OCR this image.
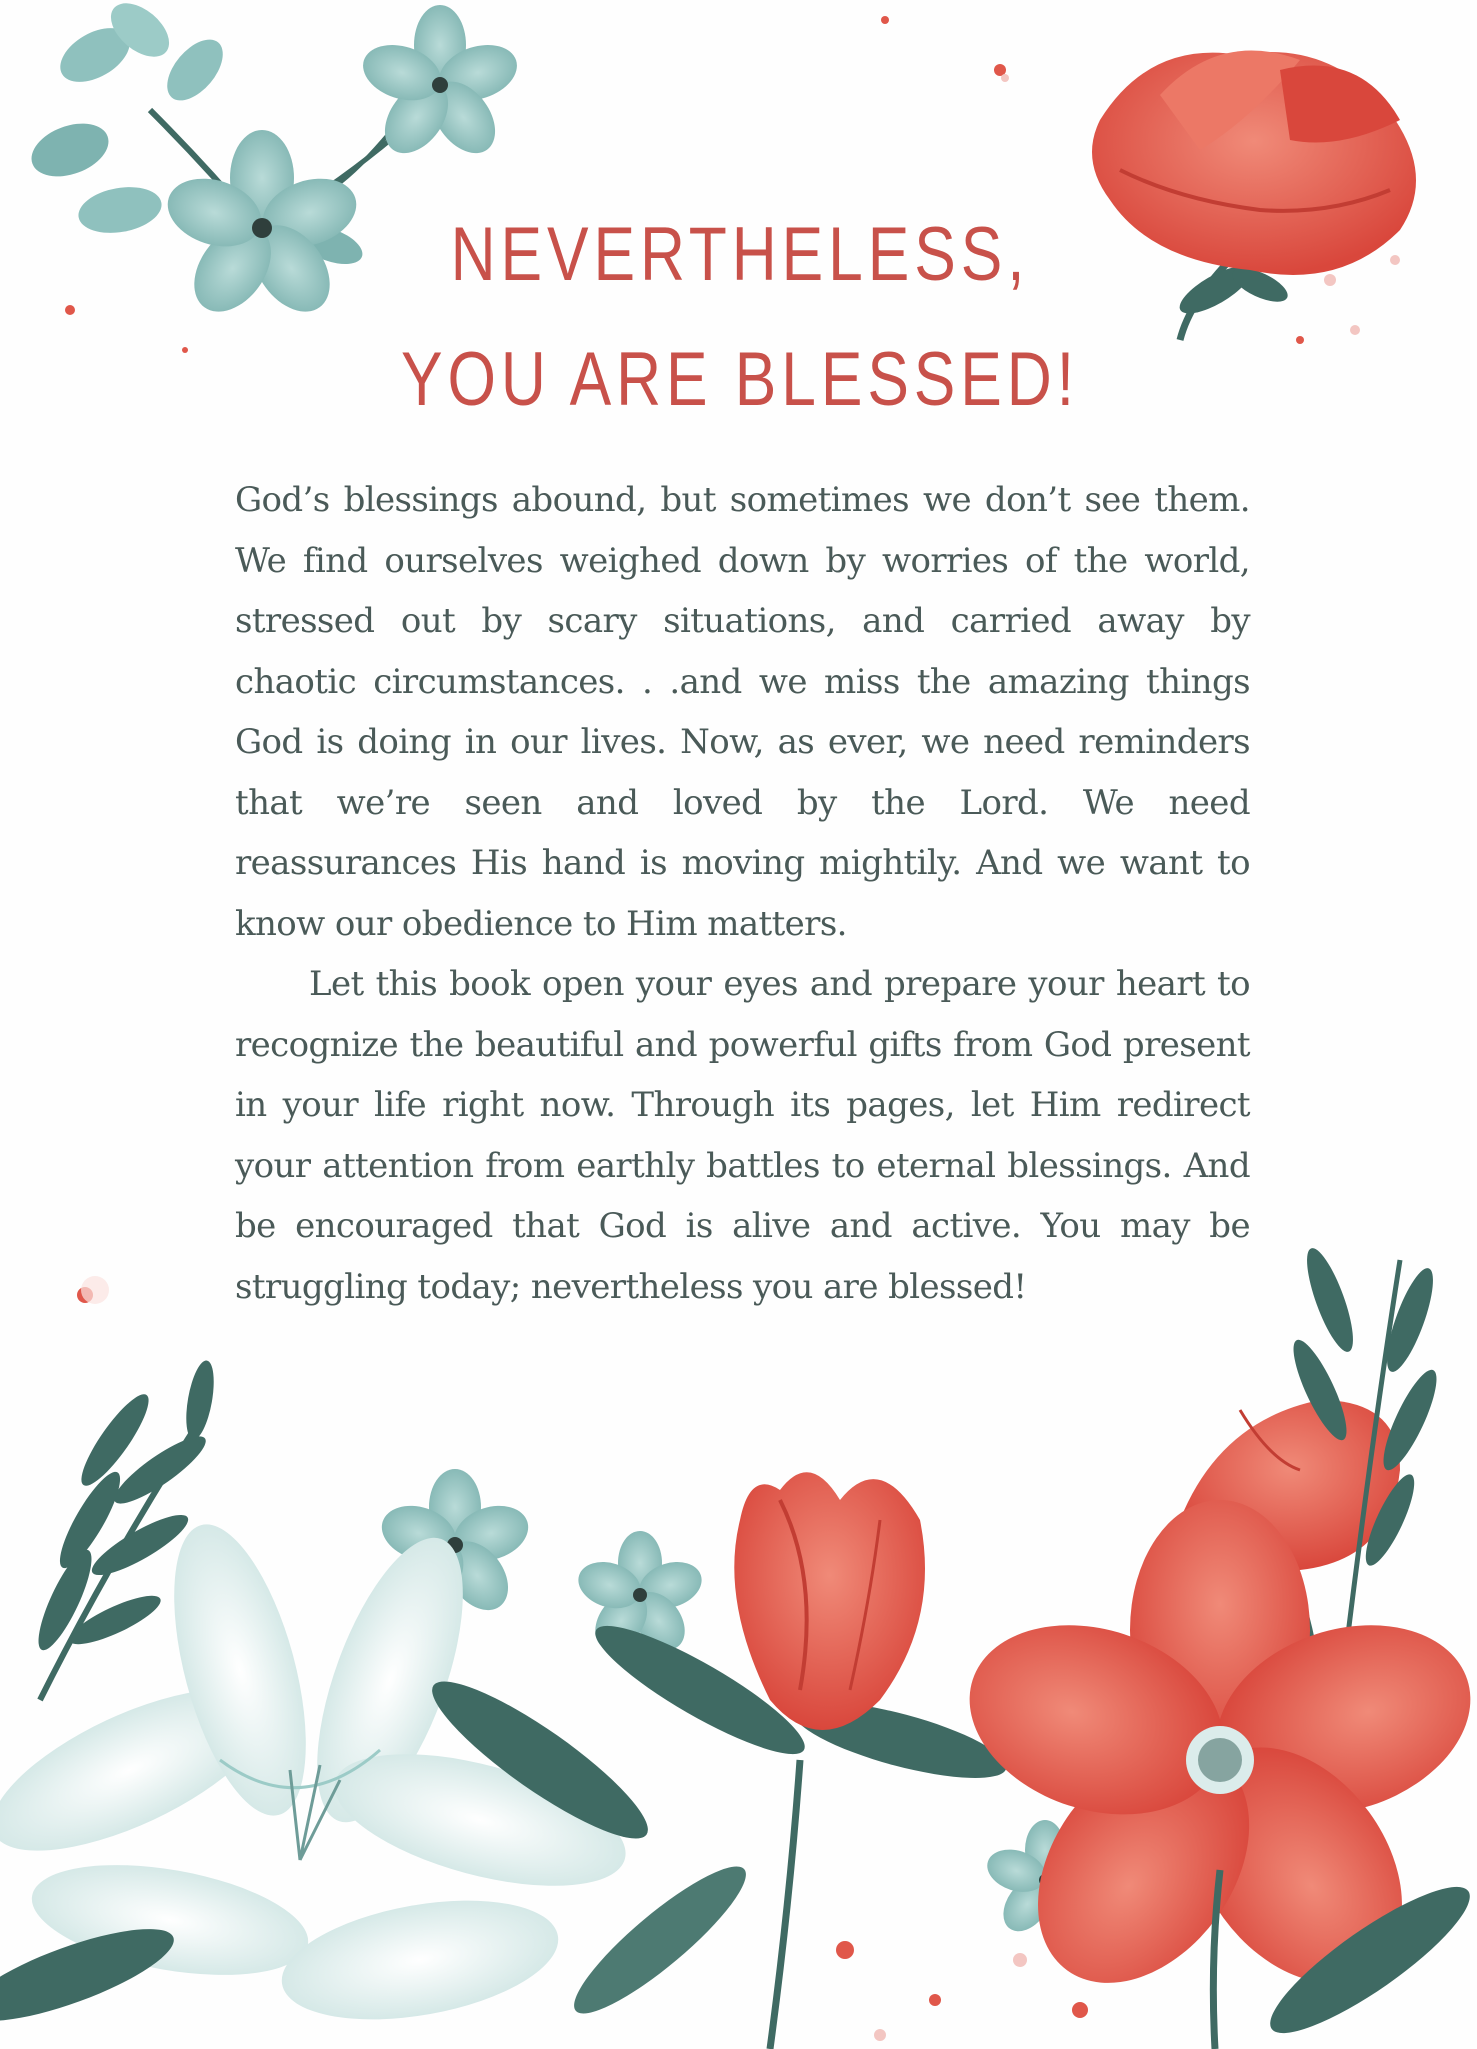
NEVERTHELESS,
YOU ARE BLESSED!

God’s blessings abound, but sometimes we don’t see them. We find ourselves weighed down by worries of the world, stressed out by scary situations, and carried away by chaotic circumstances. . .and we miss the amazing things God is doing in our lives. Now, as ever, we need reminders that we’re seen and loved by the Lord. We need reassurances His hand is moving mightily. And we want to know our obedience to Him matters.

Let this book open your eyes and prepare your heart to recognize the beautiful and powerful gifts from God present in your life right now. Through its pages, let Him redirect your attention from earthly battles to eternal blessings. And be encouraged that God is alive and active. You may be struggling today; nevertheless you are blessed!
